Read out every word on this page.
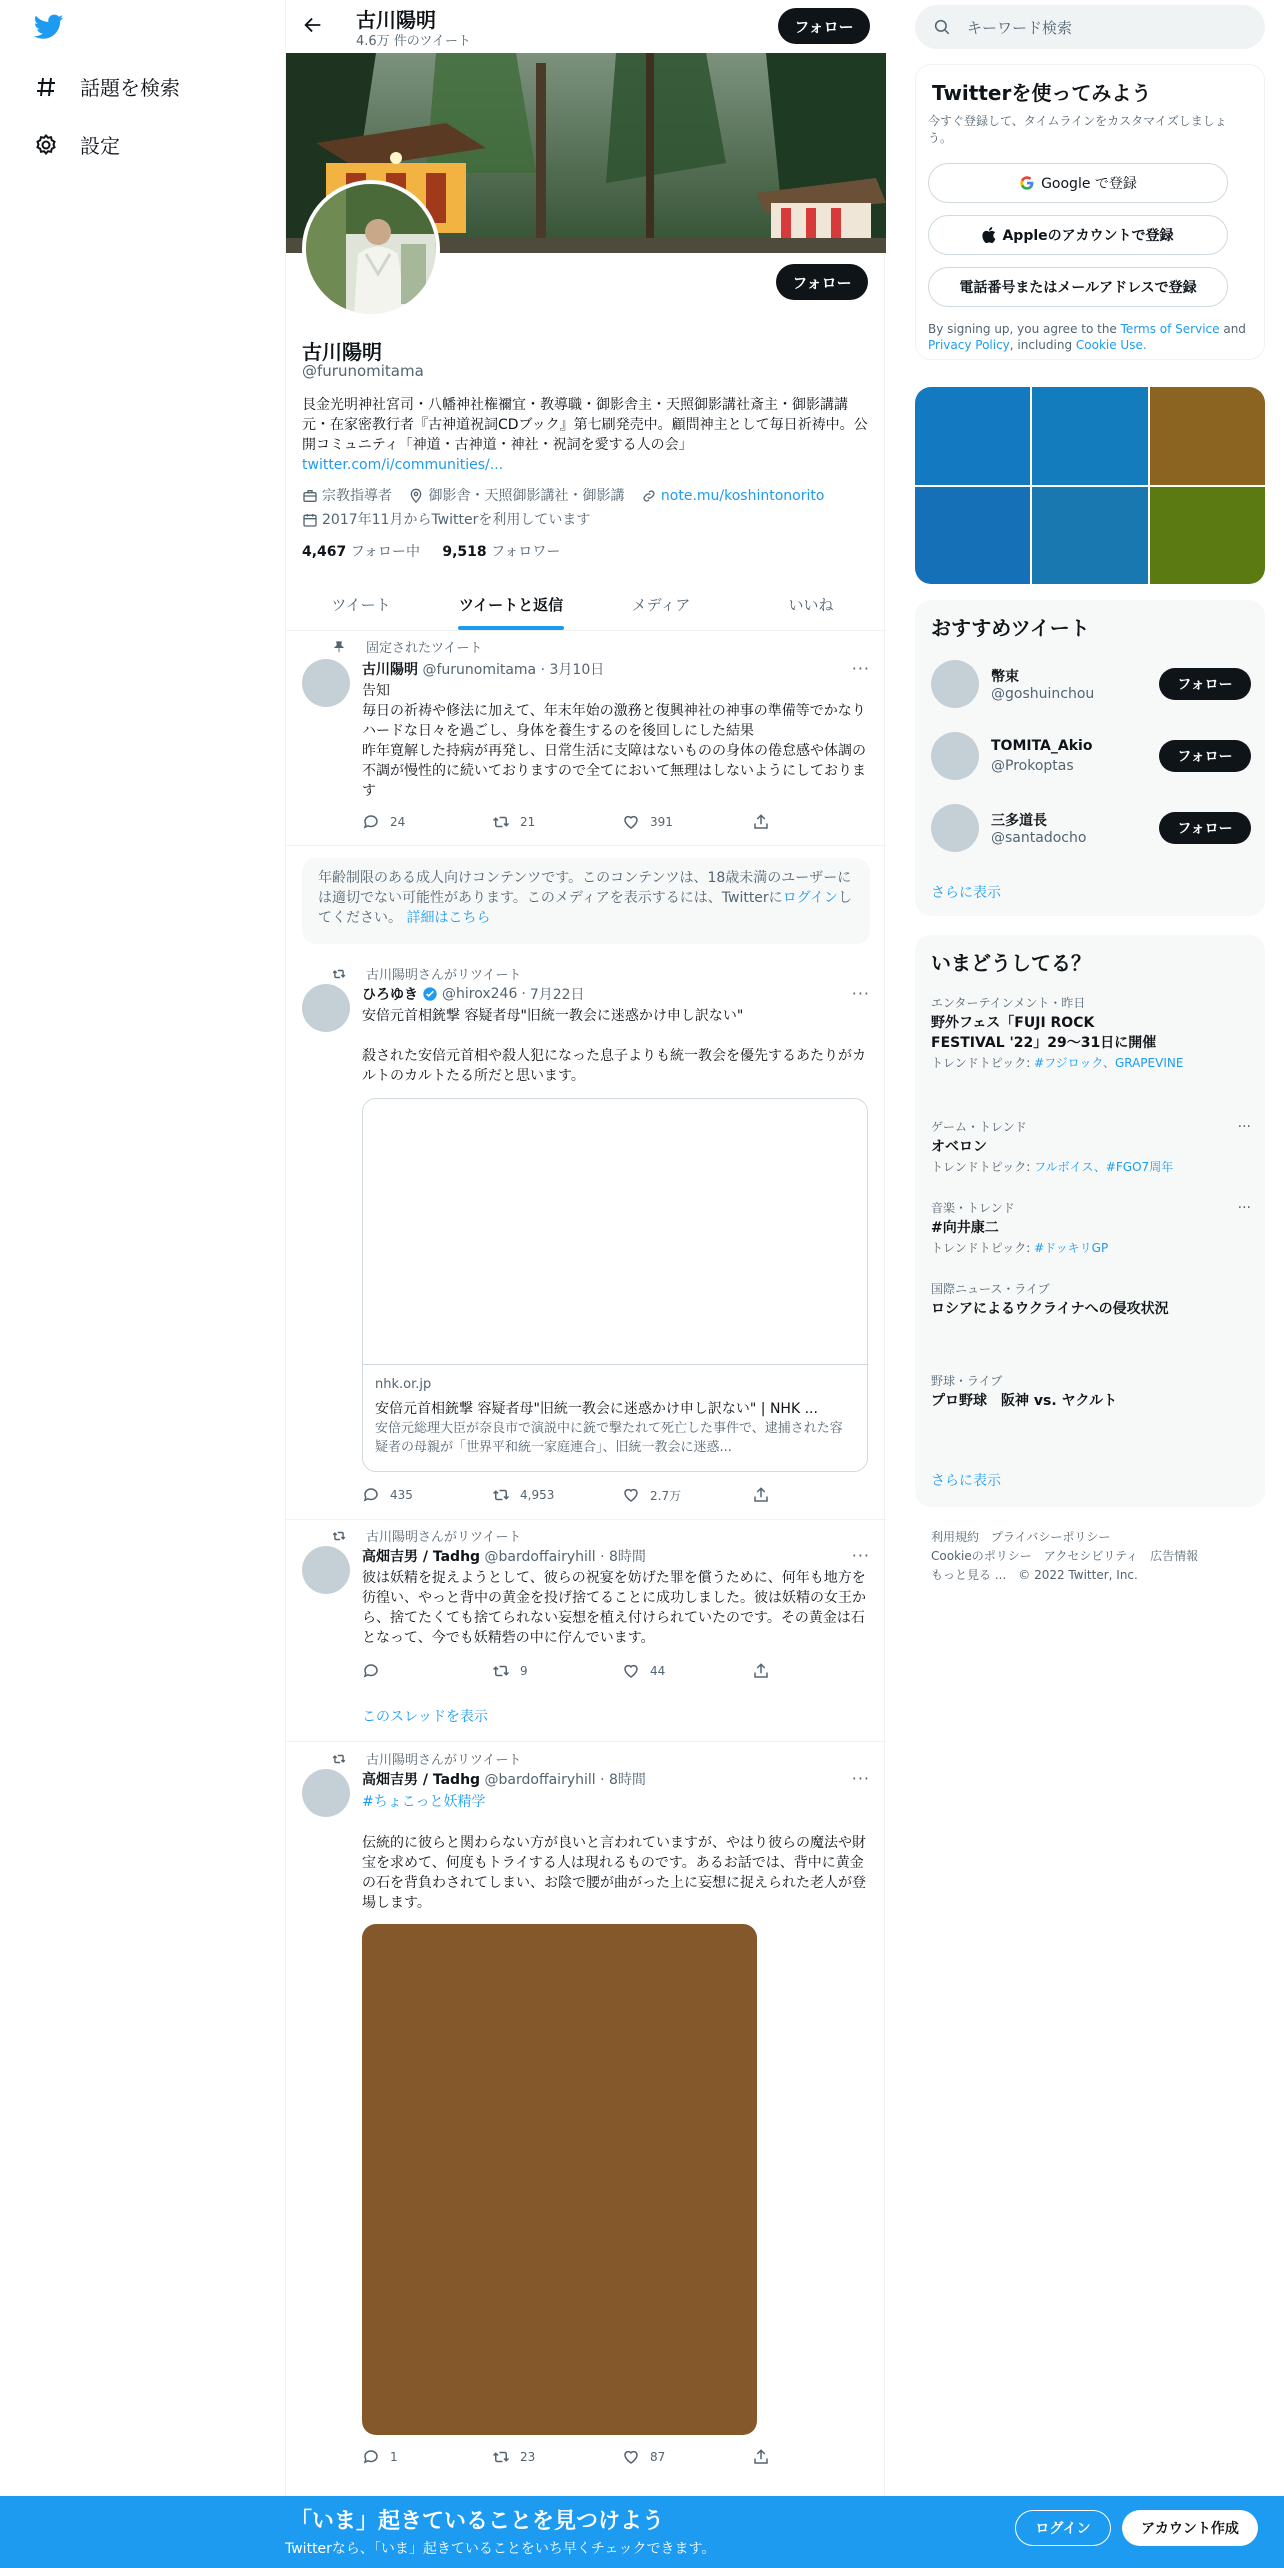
話題を検索
設定
古川陽明
4.6万 件のツイート
フォロー
フォロー
古川陽明
@furunomitama
艮金光明神社宮司・八幡神社権禰宜・教導職・御影舎主・天照御影講社斎主・御影講講元・在家密教行者『古神道祝詞CDブック』第七刷発売中。顧問神主として毎日祈祷中。公開コミュニティ「神道・古神道・神社・祝詞を愛する人の会」 twitter.com/i/communities/...
宗教指導者
	御影舎・天照御影講社・御影講
	note.mu/koshintonorito

2017年11月からTwitterを利用しています
4,467 フォロー中 9,518 フォロワー
ツイート	ツイートと返信	メディア	いいね
固定されたツイート
古川陽明 @furunomitama · 3月10日	···
告知
毎日の祈祷や修法に加えて、年末年始の激務と復興神社の神事の準備等でかなりハードな日々を過ごし、身体を養生するのを後回しにした結果
昨年寛解した持病が再発し、日常生活に支障はないものの身体の倦怠感や体調の不調が慢性的に続いておりますので全てにおいて無理はしないようにしております
24	21	391
年齢制限のある成人向けコンテンツです。このコンテンツは、18歳未満のユーザーには適切でない可能性があります。このメディアを表示するには、Twitterにログインしてください。 詳細はこちら
古川陽明さんがリツイート
ひろゆき @hirox246 · 7月22日	···
安倍元首相銃撃 容疑者母"旧統一教会に迷惑かけ申し訳ない"

殺された安倍元首相や殺人犯になった息子よりも統一教会を優先するあたりがカルトのカルトたる所だと思います。
435	4,953	2.7万
nhk.or.jp
安倍元首相銃撃 容疑者母"旧統一教会に迷惑かけ申し訳ない" | NHK ...
安倍元総理大臣が奈良市で演説中に銃で撃たれて死亡した事件で、逮捕された容疑者の母親が「世界平和統一家庭連合」、旧統一教会に迷惑...
古川陽明さんがリツイート
高畑吉男 / Tadhg @bardoffairyhill · 8時間	···
彼は妖精を捉えようとして、彼らの祝宴を妨げた罪を償うために、何年も地方を彷徨い、やっと背中の黄金を投げ捨てることに成功しました。彼は妖精の女王から、捨てたくても捨てられない妄想を植え付けられていたのです。その黄金は石となって、今でも妖精砦の中に佇んでいます。
9	44
このスレッドを表示
古川陽明さんがリツイート
高畑吉男 / Tadhg @bardoffairyhill · 8時間	···
#ちょこっと妖精学
伝統的に彼らと関わらない方が良いと言われていますが、やはり彼らの魔法や財宝を求めて、何度もトライする人は現れるものです。あるお話では、背中に黄金の石を背負わされてしまい、お陰で腰が曲がった上に妄想に捉えられた老人が登場します。
1	23	87
キーワード検索
Twitterを使ってみよう
今すぐ登録して、タイムラインをカスタマイズしましょう。
Google で登録
Appleのアカウントで登録
電話番号またはメールアドレスで登録
By signing up, you agree to the Terms of Service and Privacy Policy, including Cookie Use.
おすすめツイート
幣束
@goshuinchou
フォロー
TOMITA_Akio
@Prokoptas
フォロー
三多道長
@santadocho
フォロー
さらに表示
いまどうしてる？
エンターテインメント・昨日
野外フェス「FUJI ROCK FESTIVAL '22」29～31日に開催
トレンドトピック: #フジロック、GRAPEVINE
···
ゲーム・トレンド
オベロン
トレンドトピック: フルボイス、#FGO7周年
···
音楽・トレンド
#向井康二
トレンドトピック: #ドッキリGP
国際ニュース・ライブ
ロシアによるウクライナへの侵攻状況
野球・ライブ
プロ野球　阪神 vs. ヤクルト
さらに表示
利用規約　プライバシーポリシー
Cookieのポリシー　アクセシビリティ　広告情報
もっと見る ...　© 2022 Twitter, Inc.
「いま」起きていることを見つけよう
Twitterなら、「いま」起きていることをいち早くチェックできます。
ログイン	アカウント作成
